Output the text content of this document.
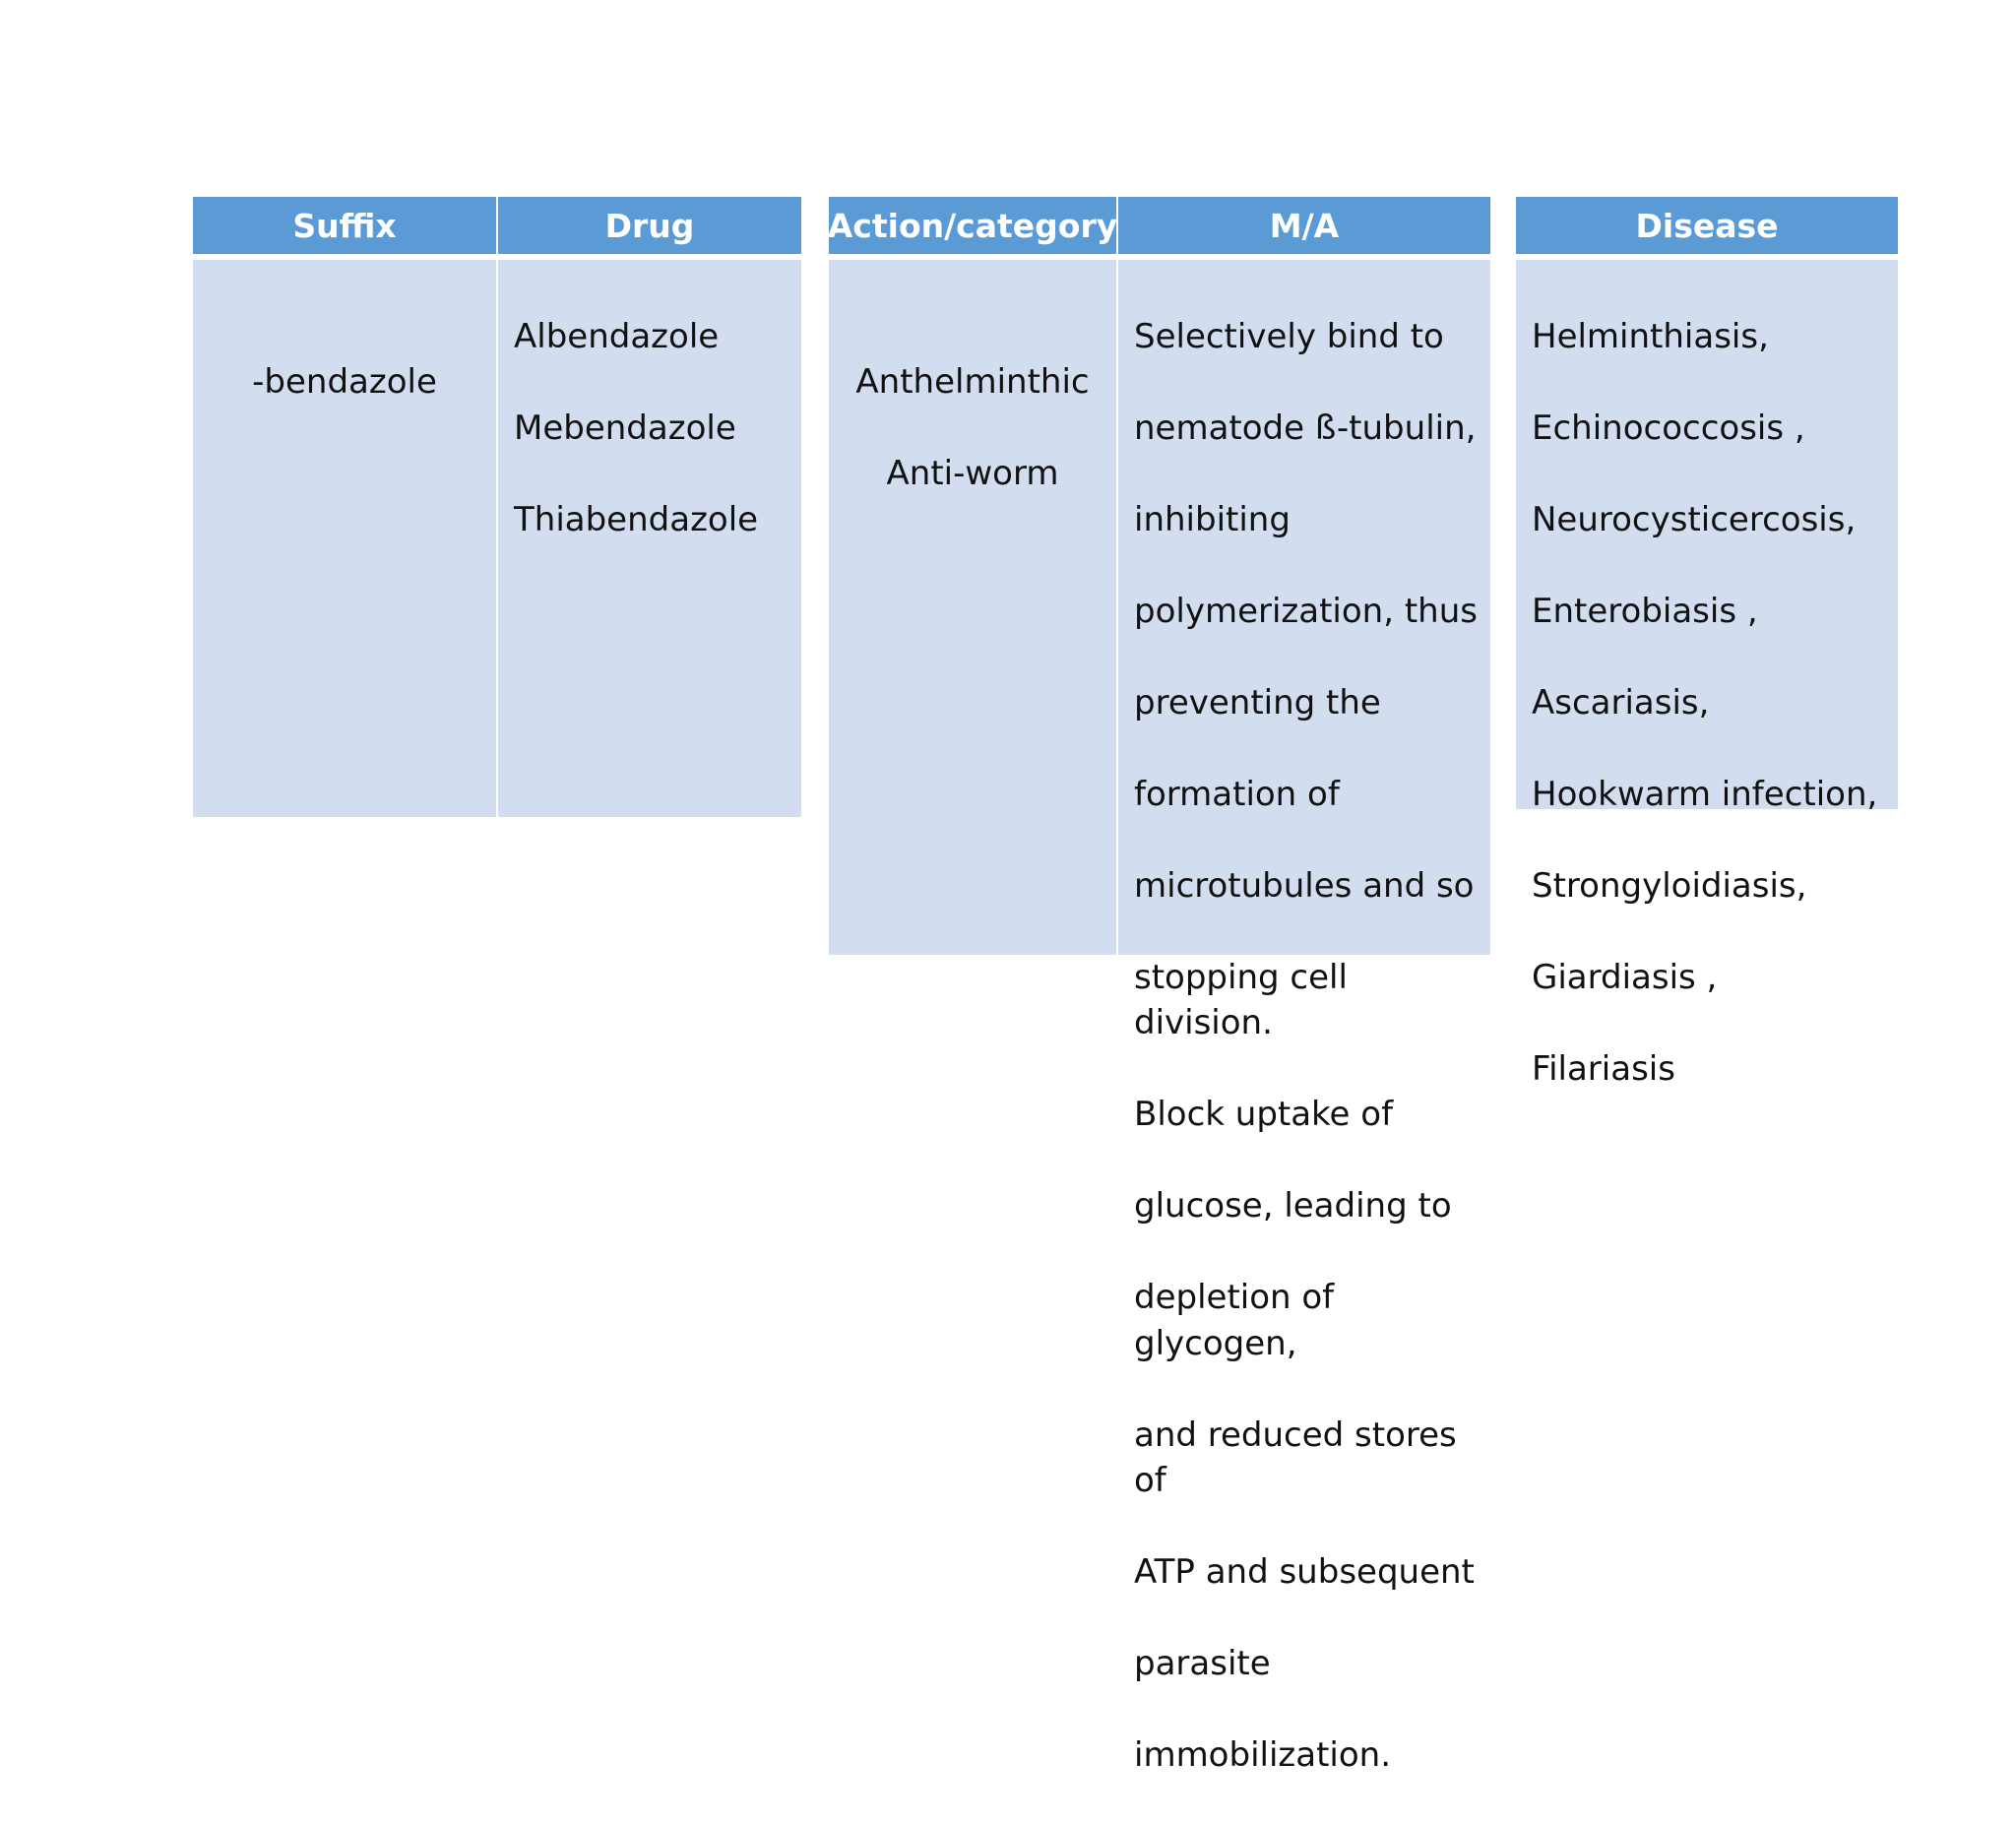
Suffix

-bendazole

Drug

Albendazole

Mebendazole

Thiabendazole

Action/category

Anthelminthic

Anti-worm

M/A

Selectively bind to

nematode ß-tubulin,

inhibiting

polymerization, thus

preventing the

formation of

microtubules and so

stopping cell division.

Block uptake of

glucose, leading to

depletion of glycogen,

and reduced stores of

ATP and subsequent

parasite

immobilization.

Disease

Helminthiasis,

Echinococcosis ,

Neurocysticercosis,

Enterobiasis ,

Ascariasis,

Hookwarm infection,

Strongyloidiasis,

Giardiasis ,

Filariasis
